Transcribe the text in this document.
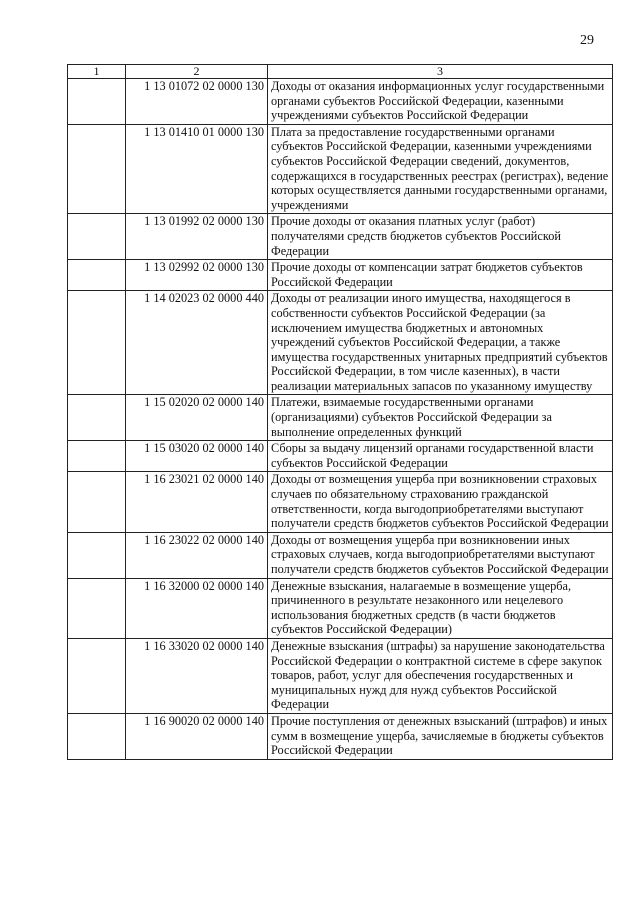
29
1	2	3
	1 13 01072 02 0000 130	Доходы от оказания информационных услуг государственными органами субъектов Российской Федерации, казенными учреждениями субъектов Российской Федерации
	1 13 01410 01 0000 130	Плата за предоставление государственными органами субъектов Российской Федерации, казенными учреждениями субъектов Российской Федерации сведений, документов, содержащихся в государственных реестрах (регистрах), ведение которых осуществляется данными государственными органами, учреждениями
	1 13 01992 02 0000 130	Прочие доходы от оказания платных услуг (работ) получателями средств бюджетов субъектов Российской Федерации
	1 13 02992 02 0000 130	Прочие доходы от компенсации затрат бюджетов субъектов Российской Федерации
	1 14 02023 02 0000 440	Доходы от реализации иного имущества, находящегося в собственности субъектов Российской Федерации (за исключением имущества бюджетных и автономных учреждений субъектов Российской Федерации, а также имущества государственных унитарных предприятий субъектов Российской Федерации, в том числе казенных), в части реализации материальных запасов по указанному имуществу
	1 15 02020 02 0000 140	Платежи, взимаемые государственными органами (организациями) субъектов Российской Федерации за выполнение определенных функций
	1 15 03020 02 0000 140	Сборы за выдачу лицензий органами государственной власти субъектов Российской Федерации
	1 16 23021 02 0000 140	Доходы от возмещения ущерба при возникновении страховых случаев по обязательному страхованию гражданской ответственности, когда выгодоприобретателями выступают получатели средств бюджетов субъектов Российской Федерации
	1 16 23022 02 0000 140	Доходы от возмещения ущерба при возникновении иных страховых случаев, когда выгодоприобретателями выступают получатели средств бюджетов субъектов Российской Федерации
	1 16 32000 02 0000 140	Денежные взыскания, налагаемые в возмещение ущерба, причиненного в результате незаконного или нецелевого использования бюджетных средств (в части бюджетов субъектов Российской Федерации)
	1 16 33020 02 0000 140	Денежные взыскания (штрафы) за нарушение законодательства Российской Федерации о контрактной системе в сфере закупок товаров, работ, услуг для обеспечения государственных и муниципальных нужд для нужд субъектов Российской Федерации
	1 16 90020 02 0000 140	Прочие поступления от денежных взысканий (штрафов) и иных сумм в возмещение ущерба, зачисляемые в бюджеты субъектов Российской Федерации
